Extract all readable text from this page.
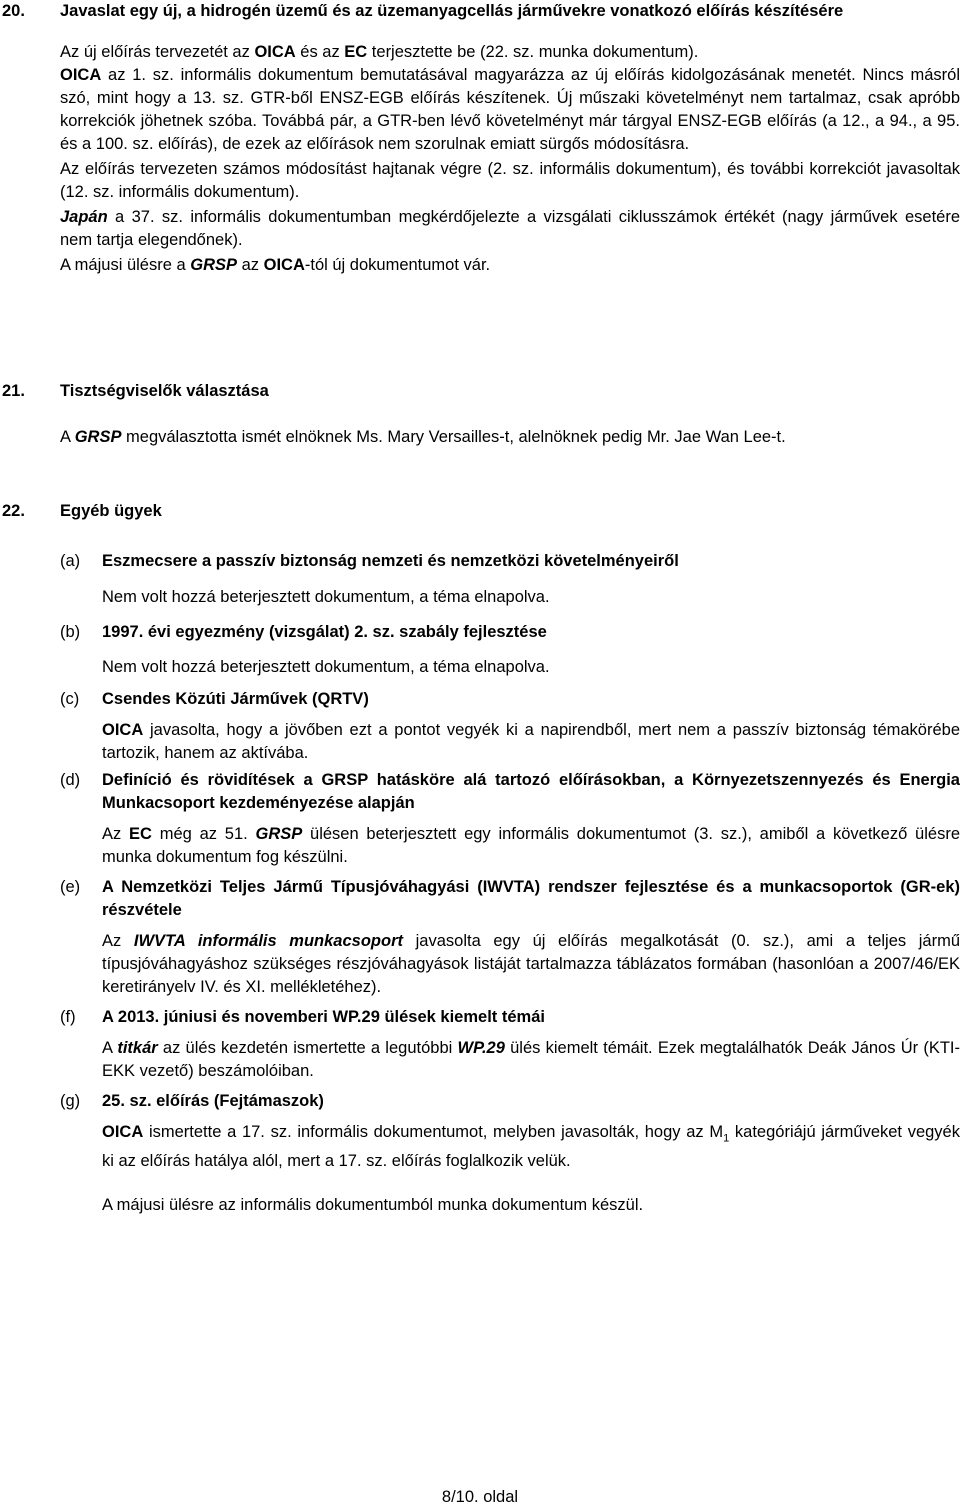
20. Javaslat egy új, a hidrogén üzemű és az üzemanyagcellás járművekre vonatkozó előírás készítésére

Az új előírás tervezetét az OICA és az EC terjesztette be (22. sz. munka dokumentum).

OICA az 1. sz. informális dokumentum bemutatásával magyarázza az új előírás kidolgozásának menetét. Nincs másról szó, mint hogy a 13. sz. GTR-ből ENSZ-EGB előírás készítenek. Új műszaki követelményt nem tartalmaz, csak apróbb korrekciók jöhetnek szóba. Továbbá pár, a GTR-ben lévő követelményt már tárgyal ENSZ-EGB előírás (a 12., a 94., a 95. és a 100. sz. előírás), de ezek az előírások nem szorulnak emiatt sürgős módosításra.

Az előírás tervezeten számos módosítást hajtanak végre (2. sz. informális dokumentum), és további korrekciót javasoltak (12. sz. informális dokumentum).

Japán a 37. sz. informális dokumentumban megkérdőjelezte a vizsgálati ciklusszámok értékét (nagy járművek esetére nem tartja elegendőnek).

A májusi ülésre a GRSP az OICA-tól új dokumentumot vár.

21. Tisztségviselők választása

A GRSP megválasztotta ismét elnöknek Ms. Mary Versailles-t, alelnöknek pedig Mr. Jae Wan Lee-t.

22. Egyéb ügyek
(a) Eszmecsere a passzív biztonság nemzeti és nemzetközi követelményeiről
Nem volt hozzá beterjesztett dokumentum, a téma elnapolva.
(b) 1997. évi egyezmény (vizsgálat) 2. sz. szabály fejlesztése
Nem volt hozzá beterjesztett dokumentum, a téma elnapolva.
(c) Csendes Közúti Járművek (QRTV)
OICA javasolta, hogy a jövőben ezt a pontot vegyék ki a napirendből, mert nem a passzív biztonság témakörébe tartozik, hanem az aktívába.
(d) Definíció és rövidítések a GRSP hatásköre alá tartozó előírásokban, a Környezetszennyezés és Energia Munkacsoport kezdeményezése alapján
Az EC még az 51. GRSP ülésen beterjesztett egy informális dokumentumot (3. sz.), amiből a következő ülésre munka dokumentum fog készülni.
(e) A Nemzetközi Teljes Jármű Típusjóváhagyási (IWVTA) rendszer fejlesztése és a munkacsoportok (GR-ek) részvétele
Az IWVTA informális munkacsoport javasolta egy új előírás megalkotását (0. sz.), ami a teljes jármű típusjóváhagyáshoz szükséges részjóváhagyások listáját tartalmazza táblázatos formában (hasonlóan a 2007/46/EK keretirányelv IV. és XI. mellékletéhez).
(f) A 2013. júniusi és novemberi WP.29 ülések kiemelt témái
A titkár az ülés kezdetén ismertette a legutóbbi WP.29 ülés kiemelt témáit. Ezek megtalálhatók Deák János Úr (KTI-EKK vezető) beszámolóiban.
(g) 25. sz. előírás (Fejtámaszok)
OICA ismertette a 17. sz. informális dokumentumot, melyben javasolták, hogy az $M_1$ kategóriájú járműveket vegyék ki az előírás hatálya alól, mert a 17. sz. előírás foglalkozik velük.
A májusi ülésre az informális dokumentumból munka dokumentum készül.
8/10. oldal
